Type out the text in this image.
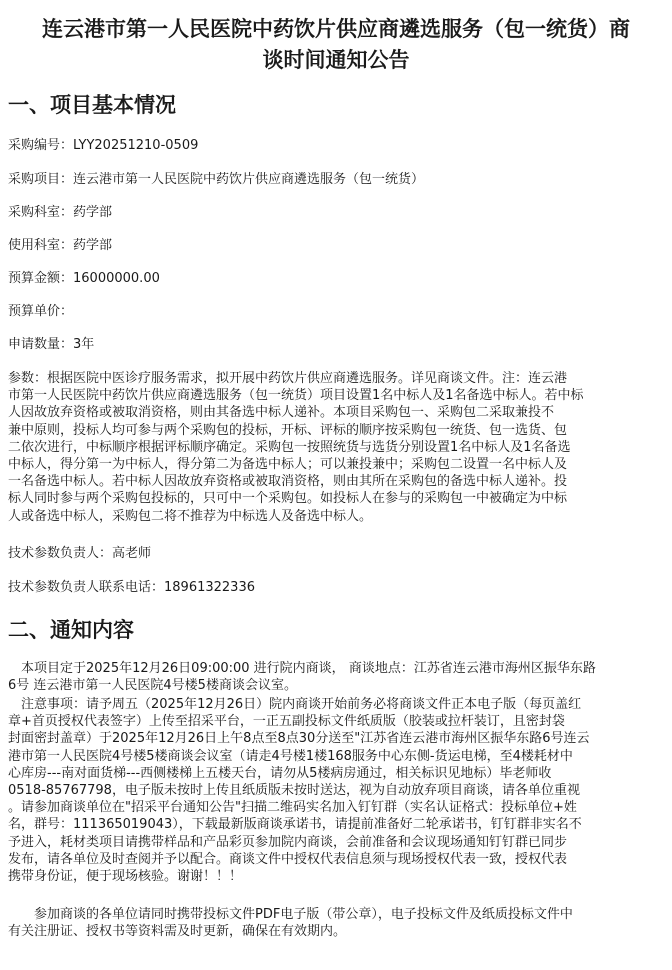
连云港市第一人民医院中药饮片供应商遴选服务（包一统货）商
谈时间通知公告
一、项目基本情况
采购编号：LYY20251210-0509
采购项目：连云港市第一人民医院中药饮片供应商遴选服务（包一统货）
采购科室：药学部
使用科室：药学部
预算金额：16000000.00
预算单价：
申请数量：3年
参数：根据医院中医诊疗服务需求，拟开展中药饮片供应商遴选服务。详见商谈文件。注：连云港
市第一人民医院中药饮片供应商遴选服务（包一统货）项目设置1名中标人及1名备选中标人。若中标
人因故放弃资格或被取消资格，则由其备选中标人递补。本项目采购包一、采购包二采取兼投不
兼中原则，投标人均可参与两个采购包的投标，开标、评标的顺序按采购包一统货、包一选货、包
二依次进行，中标顺序根据评标顺序确定。采购包一按照统货与选货分别设置1名中标人及1名备选
中标人，得分第一为中标人，得分第二为备选中标人；可以兼投兼中；采购包二设置一名中标人及
一名备选中标人。若中标人因故放弃资格或被取消资格，则由其所在采购包的备选中标人递补。投
标人同时参与两个采购包投标的，只可中一个采购包。如投标人在参与的采购包一中被确定为中标
人或备选中标人，采购包二将不推荐为中标选人及备选中标人。
技术参数负责人：高老师
技术参数负责人联系电话：18961322336
二、通知内容
　本项目定于2025年12月26日09:00:00 进行院内商谈， 商谈地点：江苏省连云港市海州区振华东路
6号 连云港市第一人民医院4号楼5楼商谈会议室。
　注意事项：请予周五（2025年12月26日）院内商谈开始前务必将商谈文件正本电子版（每页盖红
章+首页授权代表签字）上传至招采平台，一正五副投标文件纸质版（胶装或拉杆装订，且密封袋
封面密封盖章）于2025年12月26日上午8点至8点30分送至"江苏省连云港市海州区振华东路6号连云
港市第一人民医院4号楼5楼商谈会议室（请走4号楼1楼168服务中心东侧-货运电梯，至4楼耗材中
心库房---南对面货梯---西侧楼梯上五楼天台，请勿从5楼病房通过，相关标识见地标）毕老师收
0518-85767798，电子版未按时上传且纸质版未按时送达，视为自动放弃项目商谈，请各单位重视
。请参加商谈单位在"招采平台通知公告"扫描二维码实名加入钉钉群（实名认证格式：投标单位+姓
名，群号：111365019043），下载最新版商谈承诺书，请提前准备好二轮承诺书，钉钉群非实名不
予进入，耗材类项目请携带样品和产品彩页参加院内商谈，会前准备和会议现场通知钉钉群已同步
发布，请各单位及时查阅并予以配合。商谈文件中授权代表信息须与现场授权代表一致，授权代表
携带身份证，便于现场核验。谢谢！！！
　　参加商谈的各单位请同时携带投标文件PDF电子版（带公章），电子投标文件及纸质投标文件中
有关注册证、授权书等资料需及时更新，确保在有效期内。
